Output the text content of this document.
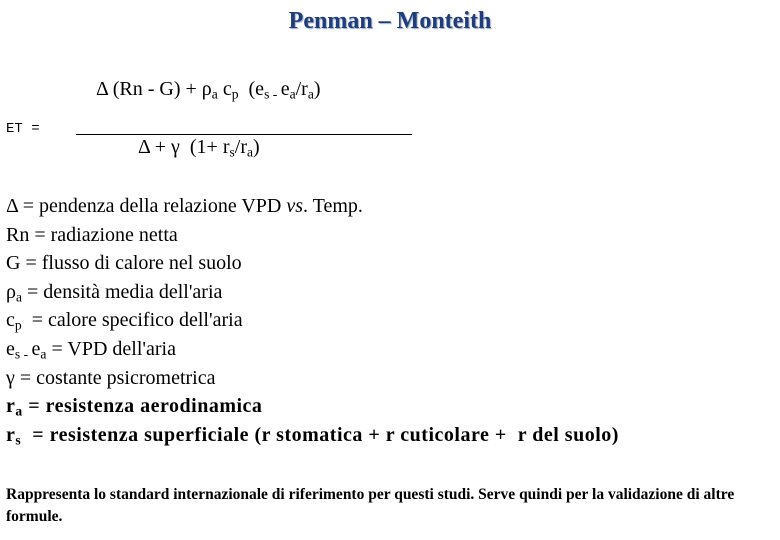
Penman – Monteith
Δ $(Rn - G) + \rho_a$ $c_p$  ($e_{s -}$ $e_a/r_a$)
ET =
Δ + γ  $(1+ r_s/r_a)$
Δ = pendenza della relazione VPD vs. Temp.
Rn = radiazione netta
G = flusso di calore nel suolo
$\rho_a$ = densità media dell'aria
$c_p$  = calore specifico dell'aria
$e_{s -}$ $e_a$ = VPD dell'aria
γ = costante psicrometrica
$r_a$ = resistenza aerodinamica
$r_s$  = resistenza superficiale (r stomatica + r cuticolare +  r del suolo)
Rappresenta lo standard internazionale di riferimento per questi studi. Serve quindi per la validazione di altre formule.
